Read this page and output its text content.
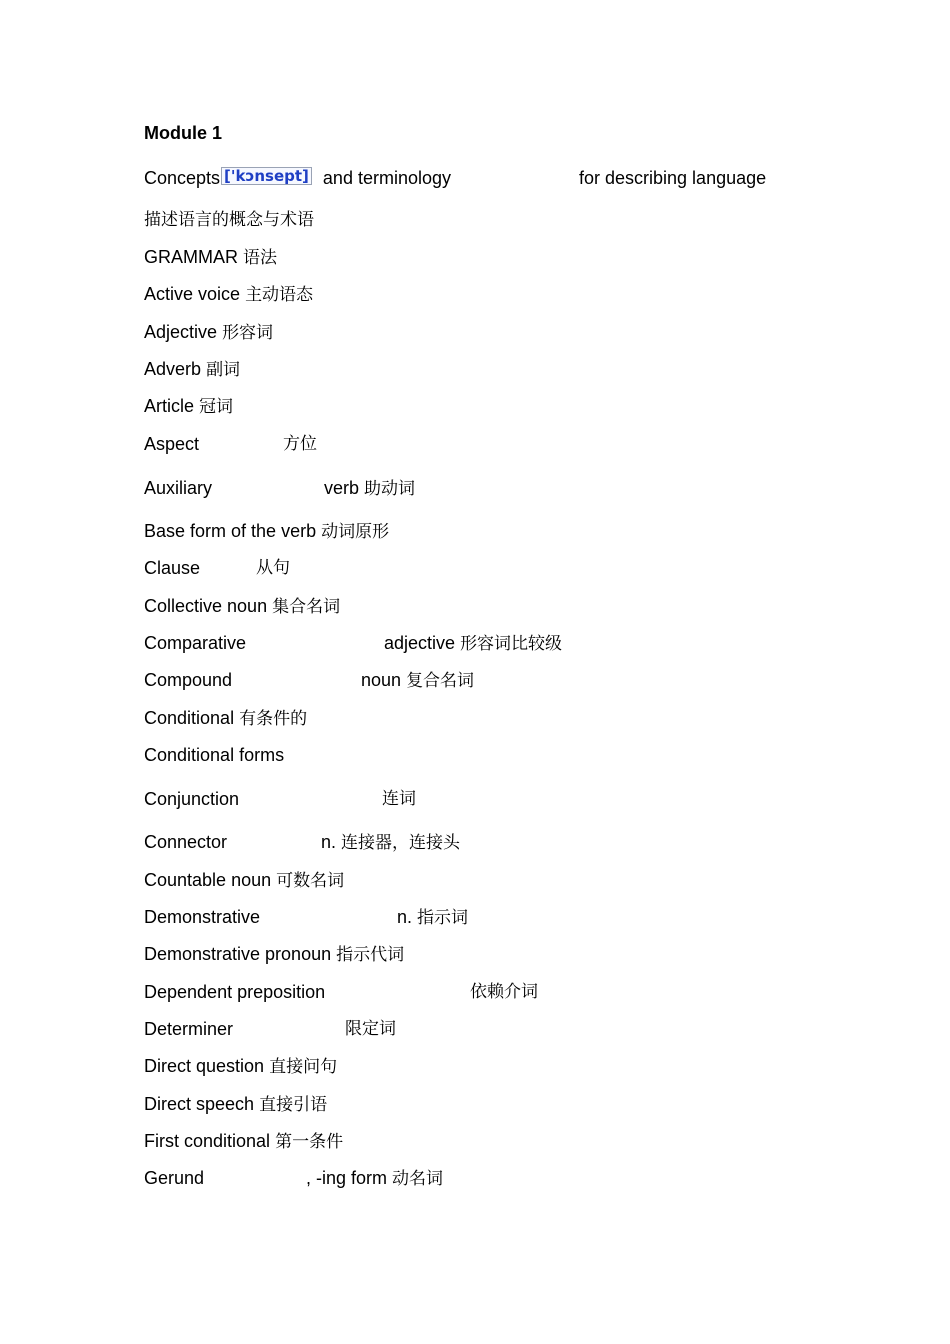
Module 1
Concepts ['kɔnsept] and terminology	for describing language
描述语言的概念与术语
GRAMMAR 语法
Active voice 主动语态
Adjective 形容词
Adverb 副词
Article 冠词
Aspect	方位
Auxiliary	verb 助动词
Base form of the verb 动词原形
Clause	从句
Collective noun 集合名词
Comparative	adjective 形容词比较级
Compound	noun 复合名词
Conditional 有条件的
Conditional forms
Conjunction	连词
Connector	n. 连接器，连接头
Countable noun 可数名词
Demonstrative	n. 指示词
Demonstrative pronoun 指示代词
Dependent preposition	依赖介词
Determiner	限定词
Direct question 直接问句
Direct speech 直接引语
First conditional 第一条件
Gerund	, -ing form 动名词
